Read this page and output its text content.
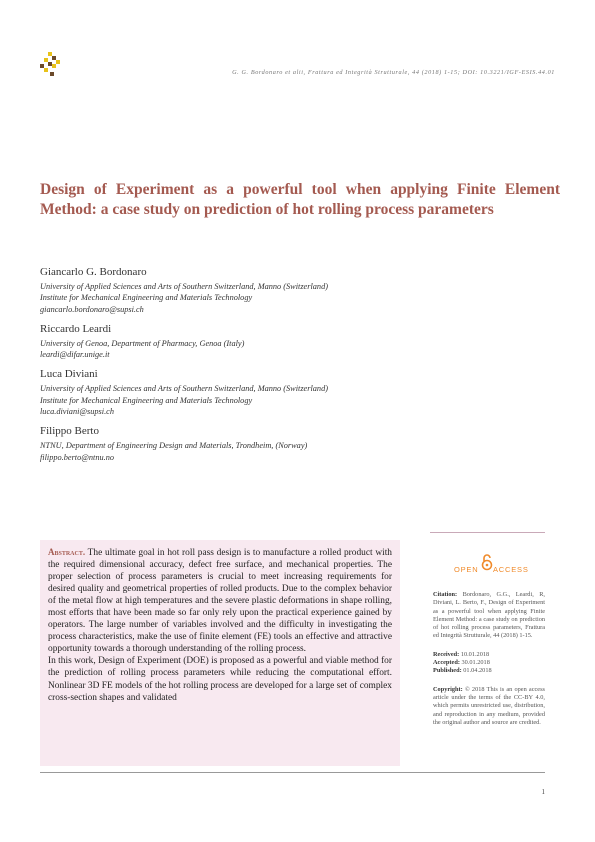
G. G. Bordonaro et alii, Frattura ed Integrità Strutturale, 44 (2018) 1-15; DOI: 10.3221/IGF-ESIS.44.01
Design of Experiment as a powerful tool when applying Finite Element Method: a case study on prediction of hot rolling process parameters
Giancarlo G. Bordonaro
University of Applied Sciences and Arts of Southern Switzerland, Manno (Switzerland)
Institute for Mechanical Engineering and Materials Technology
giancarlo.bordonaro@supsi.ch
Riccardo Leardi
University of Genoa, Department of Pharmacy, Genoa (Italy)
leardi@difar.unige.it
Luca Diviani
University of Applied Sciences and Arts of Southern Switzerland, Manno (Switzerland)
Institute for Mechanical Engineering and Materials Technology
luca.diviani@supsi.ch
Filippo Berto
NTNU, Department of Engineering Design and Materials, Trondheim, (Norway)
filippo.berto@ntnu.no

Abstract. The ultimate goal in hot roll pass design is to manufacture a rolled product with the required dimensional accuracy, defect free surface, and mechanical properties. The proper selection of process parameters is crucial to meet increasing requirements for desired quality and geometrical properties of rolled products. Due to the complex behavior of the metal flow at high temperatures and the severe plastic deformations in shape rolling, most efforts that have been made so far only rely upon the practical experience gained by operators. The large number of variables involved and the difficulty in investigating the process characteristics, make the use of finite element (FE) tools an effective and attractive opportunity towards a thorough understanding of the rolling process.

In this work, Design of Experiment (DOE) is proposed as a powerful and viable method for the prediction of rolling process parameters while reducing the computational effort. Nonlinear 3D FE models of the hot rolling process are developed for a large set of complex cross-section shapes and validated

OPEN ACCESS
Citation: Bordonaro, G.G., Leardi, R, Diviani, L. Berto, F., Design of Experiment as a powerful tool when applying Finite Element Method: a case study on prediction of hot rolling process parameters, Frattura ed Integrità Strutturale, 44 (2018) 1-15.
Received: 10.01.2018
Accepted: 30.01.2018
Published: 01.04.2018
Copyright: © 2018 This is an open access article under the terms of the CC-BY 4.0, which permits unrestricted use, distribution, and reproduction in any medium, provided the original author and source are credited.
1
